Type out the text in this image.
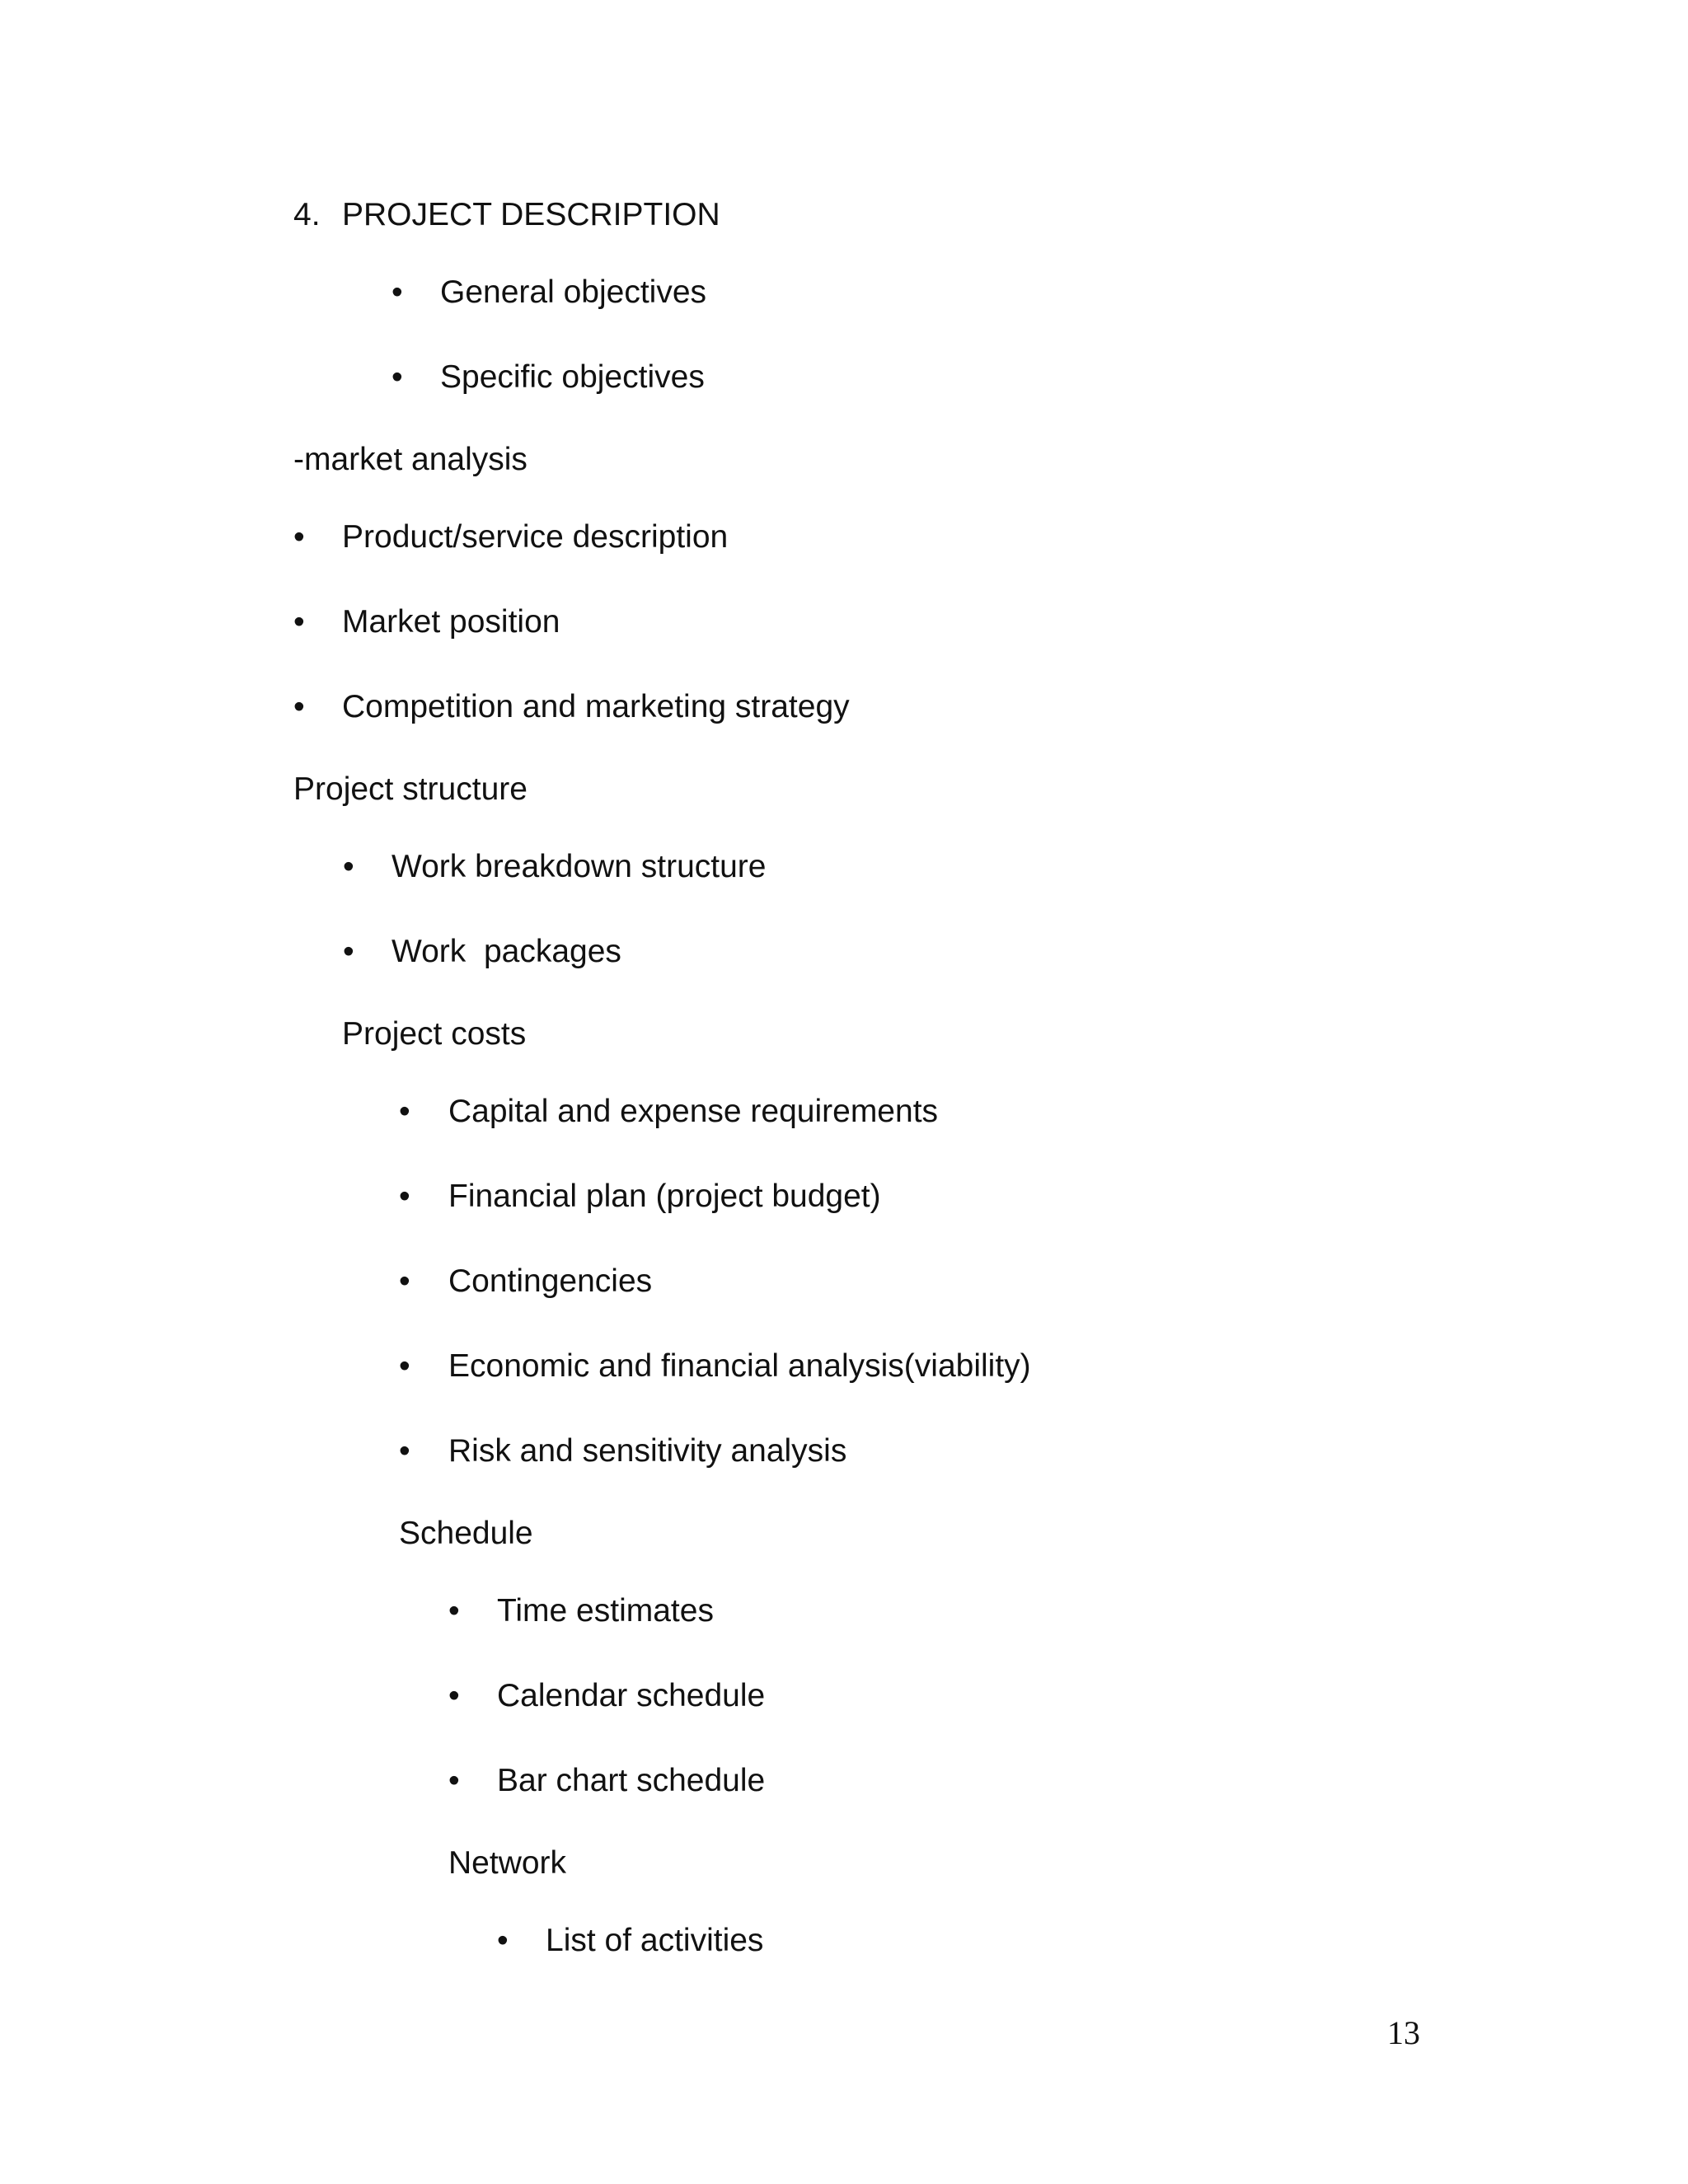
4. PROJECT DESCRIPTION
• General objectives
• Specific objectives
-market analysis
• Product/service description
• Market position
• Competition and marketing strategy
Project structure
• Work breakdown structure
• Work  packages
Project costs
• Capital and expense requirements
• Financial plan (project budget)
• Contingencies
• Economic and financial analysis(viability)
• Risk and sensitivity analysis
Schedule
• Time estimates
• Calendar schedule
• Bar chart schedule
Network
• List of activities
13
